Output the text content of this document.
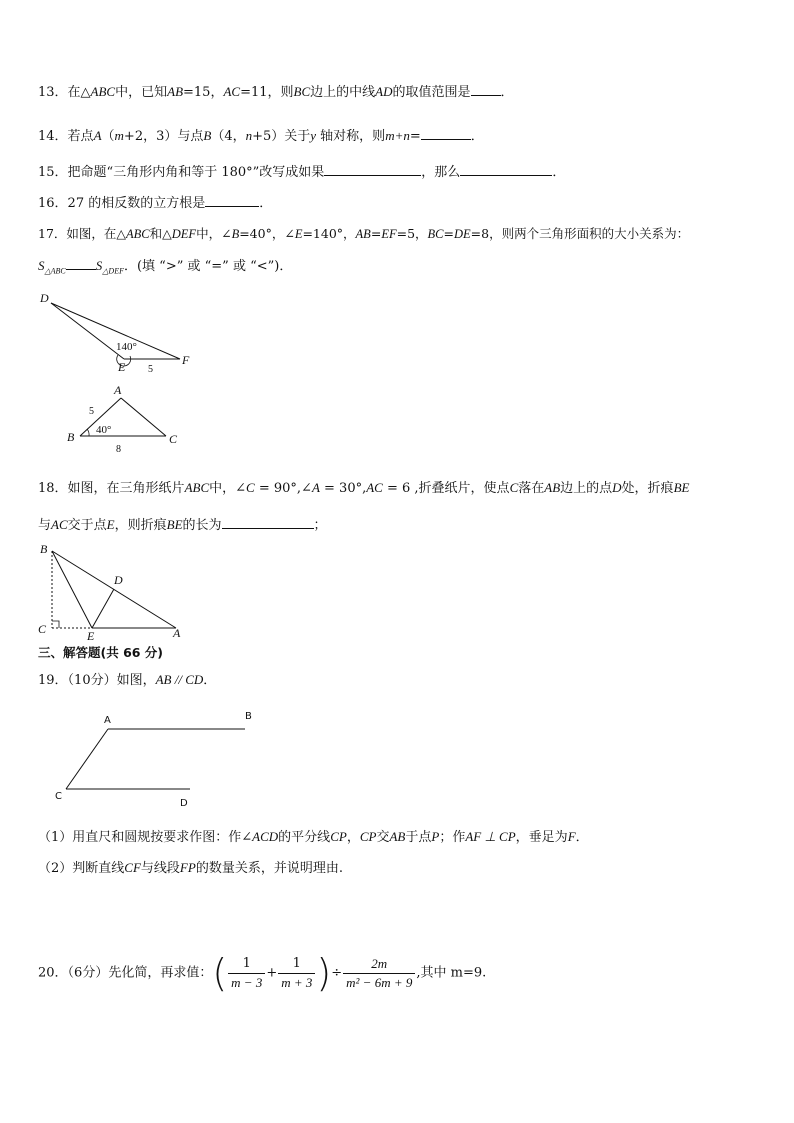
13．在△ABC中，已知AB=15，AC=11，则BC边上的中线AD的取值范围是 ．
14．若点A（m+2，3）与点B（4，n+5）关于y 轴对称，则m+n=	．
15．把命题“三角形内角和等于 180°”改写成如果	，那么	．
16．27 的相反数的立方根是	．
17．如图，在△ABC和△DEF中，∠B=40°，∠E=140°，AB=EF=5，BC=DE=8，则两个三角形面积的大小关系为：
$S_{\triangle ABC}$ $S_{\triangle DEF}$．(填 “>” 或 “=” 或 “<”)．
D
E	F
140°
5
A
B	C
40°
5
8
18．如图，在三角形纸片ABC中，∠C = 90°,∠A = 30°,AC = 6 ,折叠纸片，使点C落在AB边上的点D处，折痕BE
与AC交于点E，则折痕BE的长为	；
B
D
C	E	A
三、解答题(共 66 分)
19．（10分）如图，AB // CD．
A	B
C
D
（1）用直尺和圆规按要求作图：作∠ACD的平分线CP，CP交AB于点P；作AF ⊥ CP，垂足为F．
（2）判断直线CF与线段FP的数量关系，并说明理由.
20．（6分）先化简，再求值：( $\frac{1}{m - 3} + \frac{1}{m + 3}$ )÷ $\frac{2m}{\text{m² − 6m + 9}}$ ,其中 m=9.
